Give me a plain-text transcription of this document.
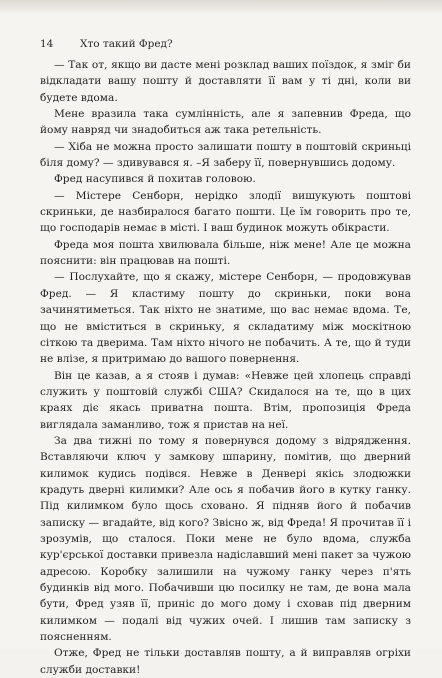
14	Хто такий Фред?

— Так от, якщо ви дасте мені розклад ваших поїздок, я зміг би відкладати вашу пошту й доставляти її вам у ті дні, коли ви будете вдома.

Мене вразила така сумлінність, але я запевнив Фреда, що йому навряд чи знадобиться аж така ретельність.

— Хіба не можна просто залишати пошту в поштовій скриньці біля дому? — здивувався я. –Я заберу її, повернувшись додому.

Фред насупився й похитав головою.

— Містере Сенборн, нерідко злодії вишукують поштові скриньки, де назбиралося багато пошти. Це їм говорить про те, що господарів немає в місті. І ваш будинок можуть обікрасти.

Фреда моя пошта хвилювала більше, ніж мене! Але це можна пояснити: він працював на пошті.

— Послухайте, що я скажу, містере Сенборн, — продовжував Фред. — Я кластиму пошту до скриньки, поки вона зачинятиметься. Так ніхто не знатиме, що вас немає вдома. Те, що не вміститься в скриньку, я складатиму між москітною сіткою та дверима. Там ніхто нічого не побачить. А те, що й туди не влізе, я притримаю до вашого повернення.

Він це казав, а я стояв і думав: «Невже цей хлопець справді служить у поштовій службі США? Скидалося на те, що в цих краях діє якась приватна пошта. Втім, пропозиція Фреда виглядала заманливо, тож я пристав на неї.

За два тижні по тому я повернувся додому з відрядження. Вставляючи ключ у замкову шпарину, помітив, що дверний килимок кудись подівся. Невже в Денвері якісь злодюжки крадуть дверні килимки? Але ось я побачив його в кутку ганку. Під килимком було щось сховано. Я підняв його й побачив записку — вгадайте, від кого? Звісно ж, від Фреда! Я прочитав її і зрозумів, що сталося. Поки мене не було вдома, служба кур'єрської доставки привезла надіславший мені пакет за чужою адресою. Коробку залишили на чужому ганку через п'ять будинків від мого. Побачивши цю посилку не там, де вона мала бути, Фред узяв її, приніс до мого дому і сховав під дверним килимком — подалі від чужих очей. І лишив там записку з поясненням.

Отже, Фред не тільки доставляв пошту, а й виправляв огріхи служби доставки!
